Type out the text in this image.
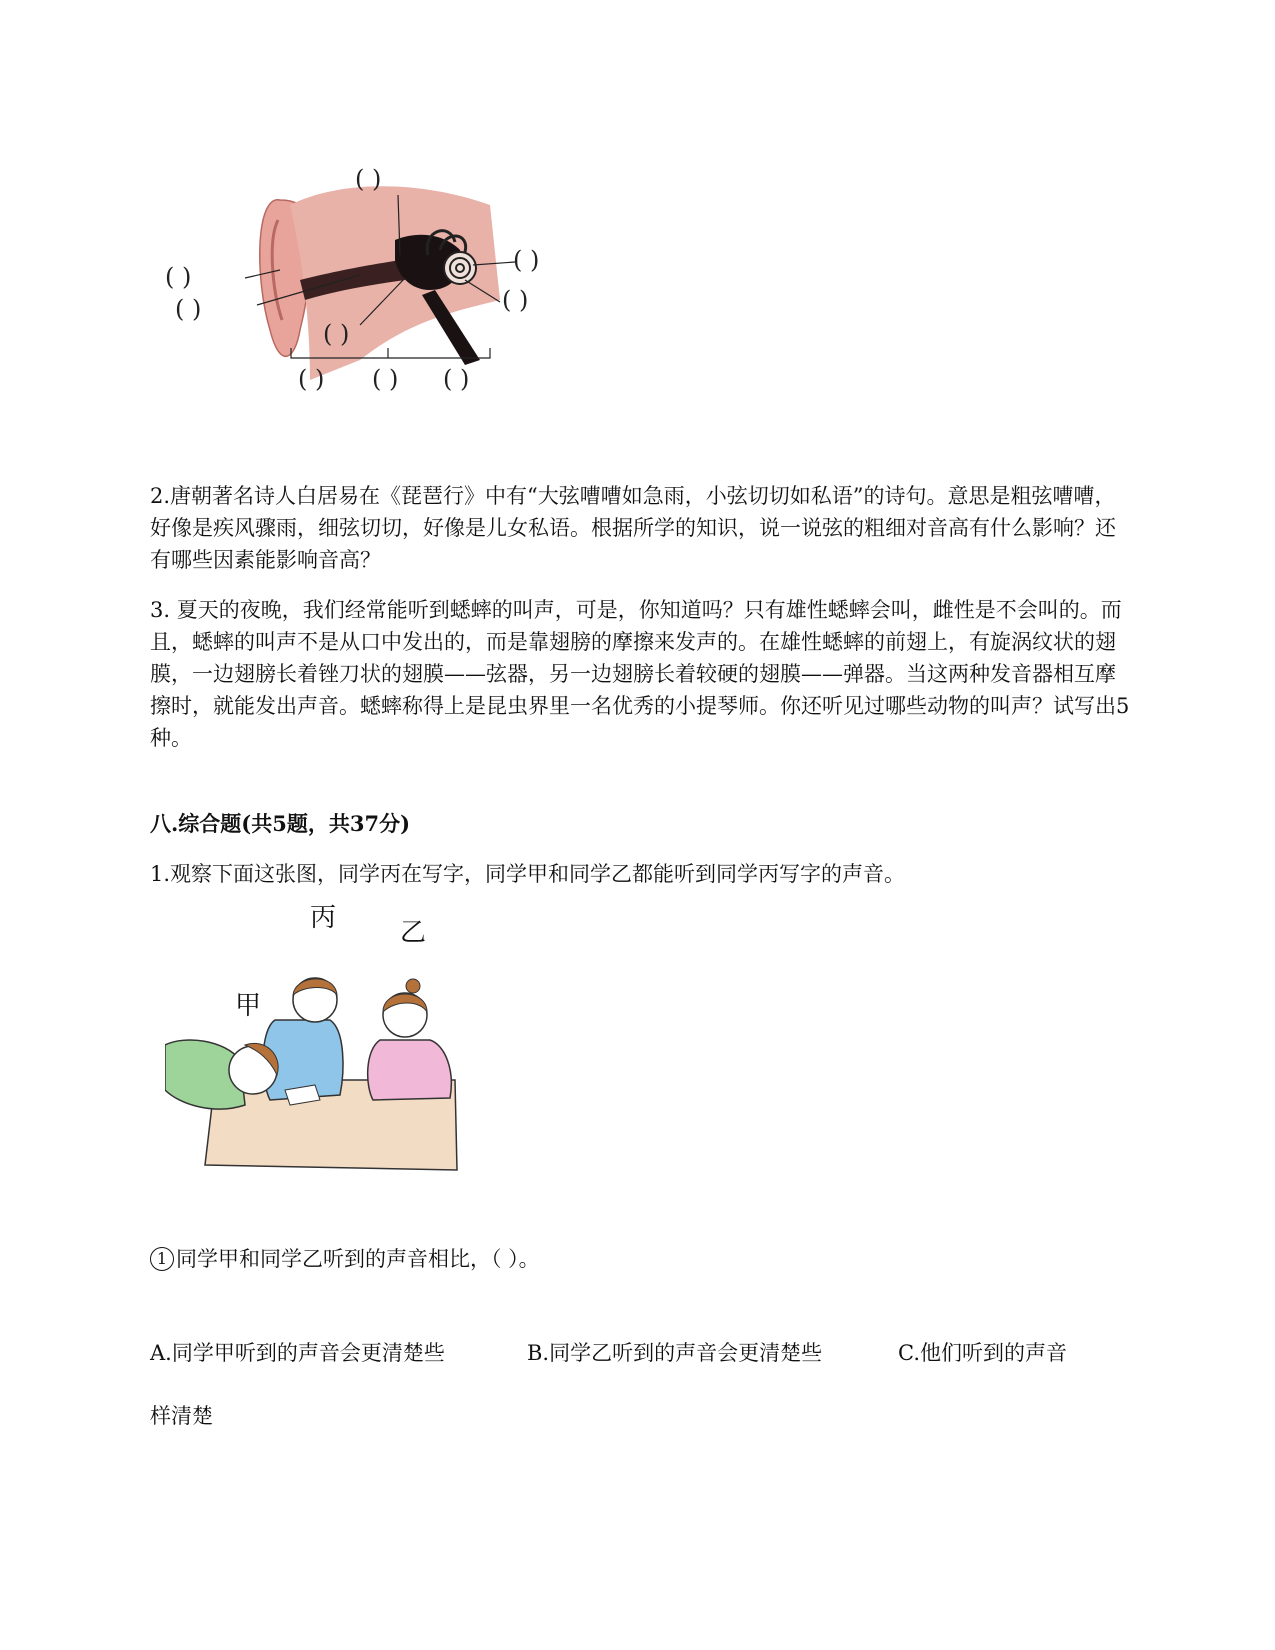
( )
( )
( )
( )
( )
( )
( ) ( ) ( )

2.唐朝著名诗人白居易在《琵琶行》中有“大弦嘈嘈如急雨，小弦切切如私语”的诗句。意思是粗弦嘈嘈，好像是疾风骤雨，细弦切切，好像是儿女私语。根据所学的知识，说一说弦的粗细对音高有什么影响？还有哪些因素能影响音高？

3. 夏天的夜晚，我们经常能听到蟋蟀的叫声，可是，你知道吗？只有雄性蟋蟀会叫，雌性是不会叫的。而且，蟋蟀的叫声不是从口中发出的，而是靠翅膀的摩擦来发声的。在雄性蟋蟀的前翅上，有旋涡纹状的翅膜，一边翅膀长着锉刀状的翅膜——弦器，另一边翅膀长着较硬的翅膜——弹器。当这两种发音器相互摩擦时，就能发出声音。蟋蟀称得上是昆虫界里一名优秀的小提琴师。你还听见过哪些动物的叫声？试写出5种。

八.综合题(共5题，共37分)

1.观察下面这张图，同学丙在写字，同学甲和同学乙都能听到同学丙写字的声音。

丙 乙
甲

1 同学甲和同学乙听到的声音相比，（ ）。

A.同学甲听到的声音会更清楚些	B.同学乙听到的声音会更清楚些	C.他们听到的声音

样清楚
